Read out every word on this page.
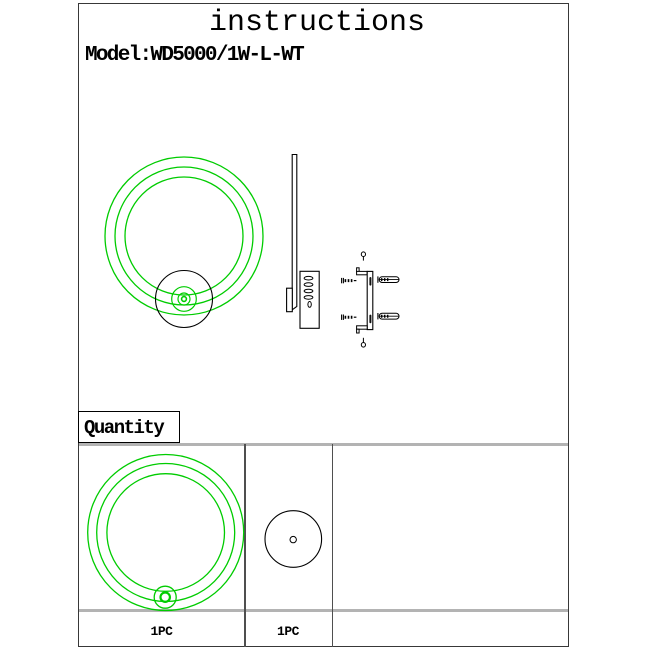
instructions
Model:WD5000/1W-L-WT
Quantity
1PC	1PC
